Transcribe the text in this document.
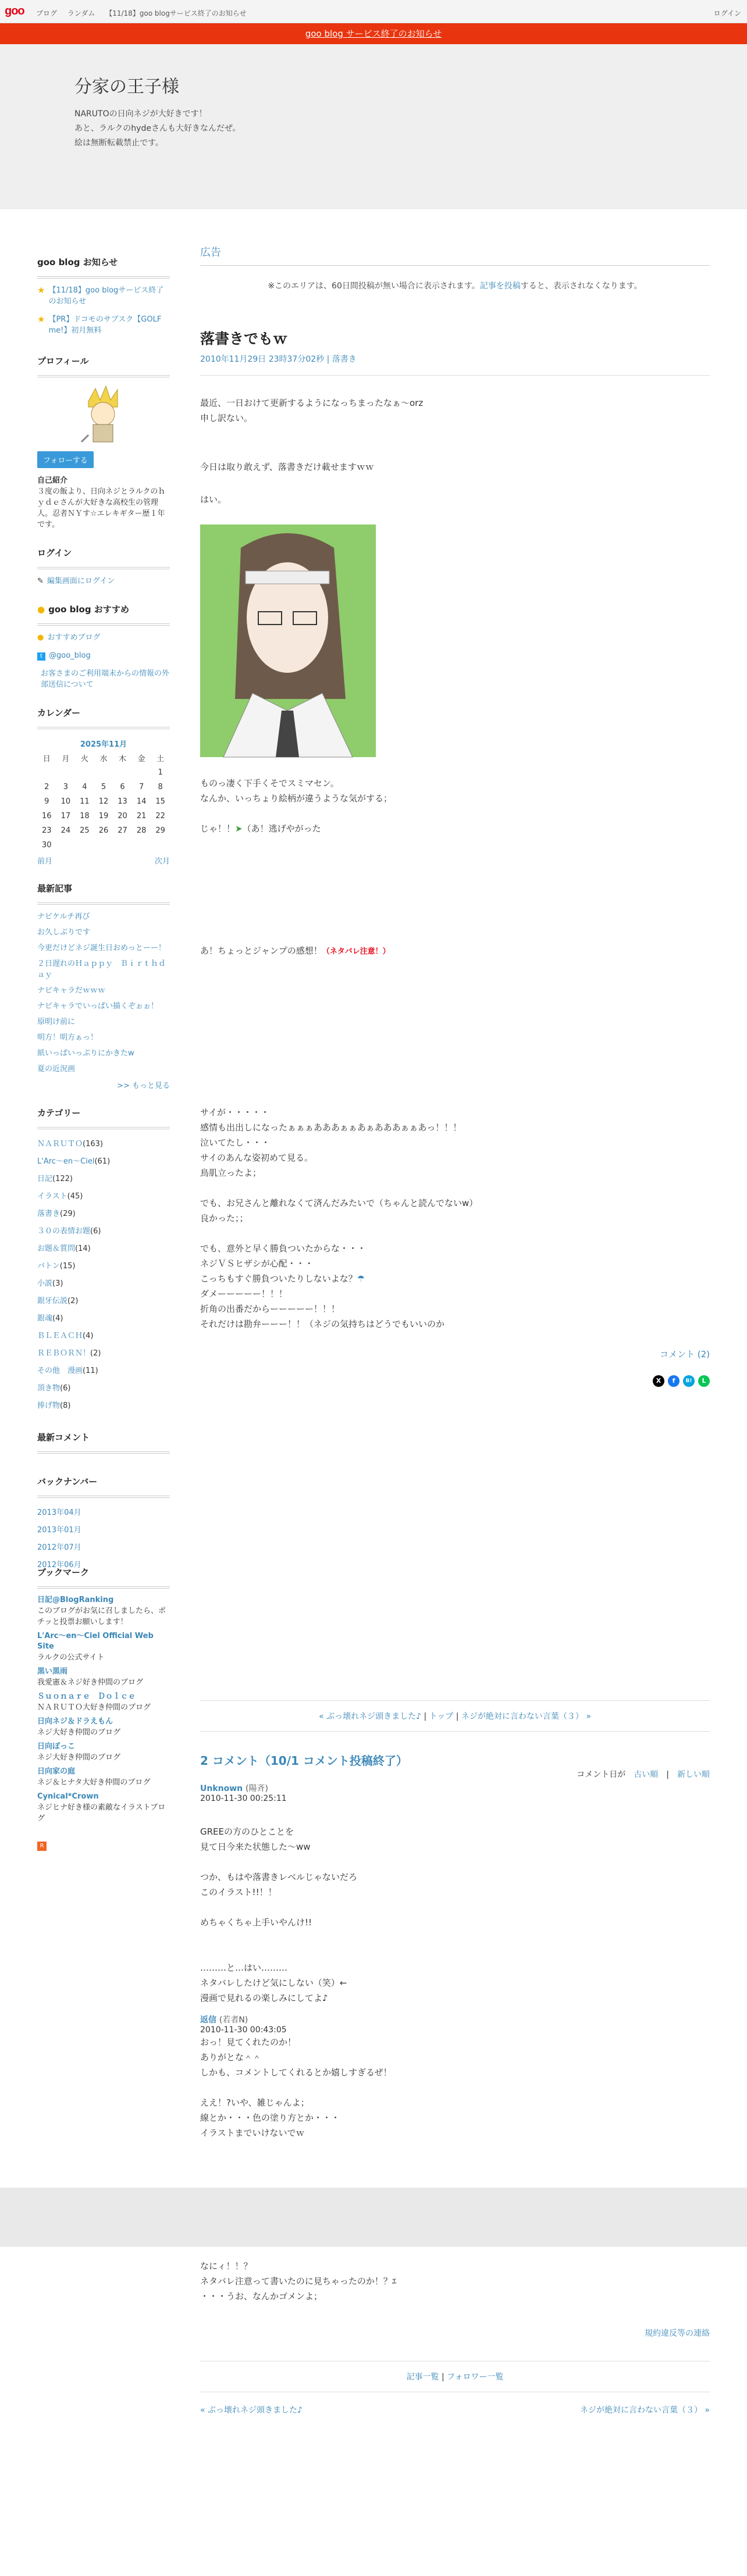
goo ブログ ランダム 【11/18】goo blogサービス終了のお知らせ	ログイン
goo blog サービス終了のお知らせ
分家の王子様
NARUTOの日向ネジが大好きです！
あと、ラルクのhydeさんも大好きなんだぜ。
絵は無断転載禁止です。
goo blog お知らせ
★ 【11/18】goo blogサービス終了のお知らせ
★ 【PR】ドコモのサブスク【GOLF me!】初月無料
プロフィール
フォローする
自己紹介
３度の飯より、日向ネジとラルクのｈｙｄｅさんが大好きな高校生の管理人。忍者ＮＹす☆エレキギター歴１年です。
ログイン
✎ 編集画面にログイン
● goo blog おすすめ
● おすすめブログ
t @goo_blog
お客さまのご利用端末からの情報の外部送信について
カレンダー
2025年11月						
日	月	火	水	木	金	土
						1
2	3	4	5	6	7	8
9	10	11	12	13	14	15
16	17	18	19	20	21	22
23	24	25	26	27	28	29
30						
前月	次月
最新記事
ナビケルチ再び
お久しぶりです
今更だけどネジ誕生日おめっとーー！
２日遅れのＨａｐｐｙ　Ｂｉｒｔｈｄａｙ
ナビキャラだｗｗｗ
ナビキャラでいっぱい描くぞぉぉ！
原明け前に
明方！明方ぁっ！
紙いっぱいっぷりにかきたw
夏の近況画
>> もっと見る
カテゴリー
ＮＡＲＵＴＯ(163)
L'Arc〜en〜Ciel(61)
日記(122)
イラスト(45)
落書き(29)
３０の表情お題(6)
お題＆質問(14)
バトン(15)
小説(3)
銀牙伝説(2)
銀魂(4)
ＢＬＥＡＣＨ(4)
ＲＥＢＯＲＮ！(2)
その他　漫画(11)
頂き物(6)
捧げ物(8)
最新コメント
バックナンバー
2013年04月
2013年01月
2012年07月
2012年06月
ブックマーク
日記@BlogRanking
このブログがお気に召しましたら、ポチッと投票お願いします！
L'Arc〜en〜Ciel Official Web Site
ラルクの公式サイト
黒い黒雨
我愛憲＆ネジ好き仲間のブログ
Ｓｕｏｎａｒｅ　Ｄｏｌｃｅ
ＮＡＲＵＴＯ大好き仲間のブログ
日向ネジ＆ドラえもん
ネジ大好き仲間のブログ
日向ぽっこ
ネジ大好き仲間のブログ
日向家の庭
ネジ＆ヒナタ大好き仲間のブログ
Cynical*Crown
ネジヒナ好き様の素敵なイラストブログ
R
広告
※このエリアは、60日間投稿が無い場合に表示されます。記事を投稿すると、表示されなくなります。
落書きでもｗ
2010年11月29日 23時37分02秒 | 落書き
最近、一日おけて更新するようになっちまったなぁ〜orz
申し訳ない。
今日は取り敢えず、落書きだけ載せますｗｗ
はい。
ものっ凄く下手くそでスミマセン。
なんか、いっちょり絵柄が違うような気がする；
じゃ！！➤（あ！逃げやがった
あ！ちょっとジャンプの感想！（ネタバレ注意！）
サイが・・・・・
感情も出出しになったぁぁぁあああぁぁあぁあああぁぁあっ！！！
泣いてたし・・・
サイのあんな姿初めて見る。
鳥肌立ったよ；
でも、お兄さんと離れなくて済んだみたいで（ちゃんと読んでないw）
良かった；；
でも、意外と早く勝負ついたからな・・・
ネジＶＳヒザシが心配・・・
こっちもすぐ勝負ついたりしないよな？☂
ダメーーーーー！！！
折角の出番だからーーーーー！！！
それだけは勘弁ーーー！！（ネジの気持ちはどうでもいいのか
コメント (2)
X	f	B!	L
« ぶっ壊れネジ頭きました♪ | トップ | ネジが絶対に言わない言葉（３） »
2 コメント（10/1 コメント投稿終了）
コメント日が　 古い順　 |　 新しい順
Unknown (陽斉)
2010-11-30 00:25:11
GREEの方のひとことを
見て日今来た状態した〜ww
つか、もはや落書きレベルじゃないだろ
このイラスト!!！！
めちゃくちゃ上手いやんけ!!
………と…はい………
ネタバレしたけど気にしない（笑）←
漫画で見れるの楽しみにしてよ♪
返信 (若者N)
2010-11-30 00:43:05
おっ！見てくれたのか！
ありがとな＾＾
しかも、コメントしてくれるとか嬉しすぎるぜ！
ええ！?いや、雑じゃんよ；
線とか・・・色の塗り方とか・・・
イラストまでいけないでｗ
なにィ！！？
ネタバレ注意って書いたのに見ちゃったのか！？ｴ
・・・うお、なんかゴメンよ；
規約違反等の連絡
記事一覧 | フォロワー一覧
« ぶっ壊れネジ頭きました♪	ネジが絶対に言わない言葉（３） »
